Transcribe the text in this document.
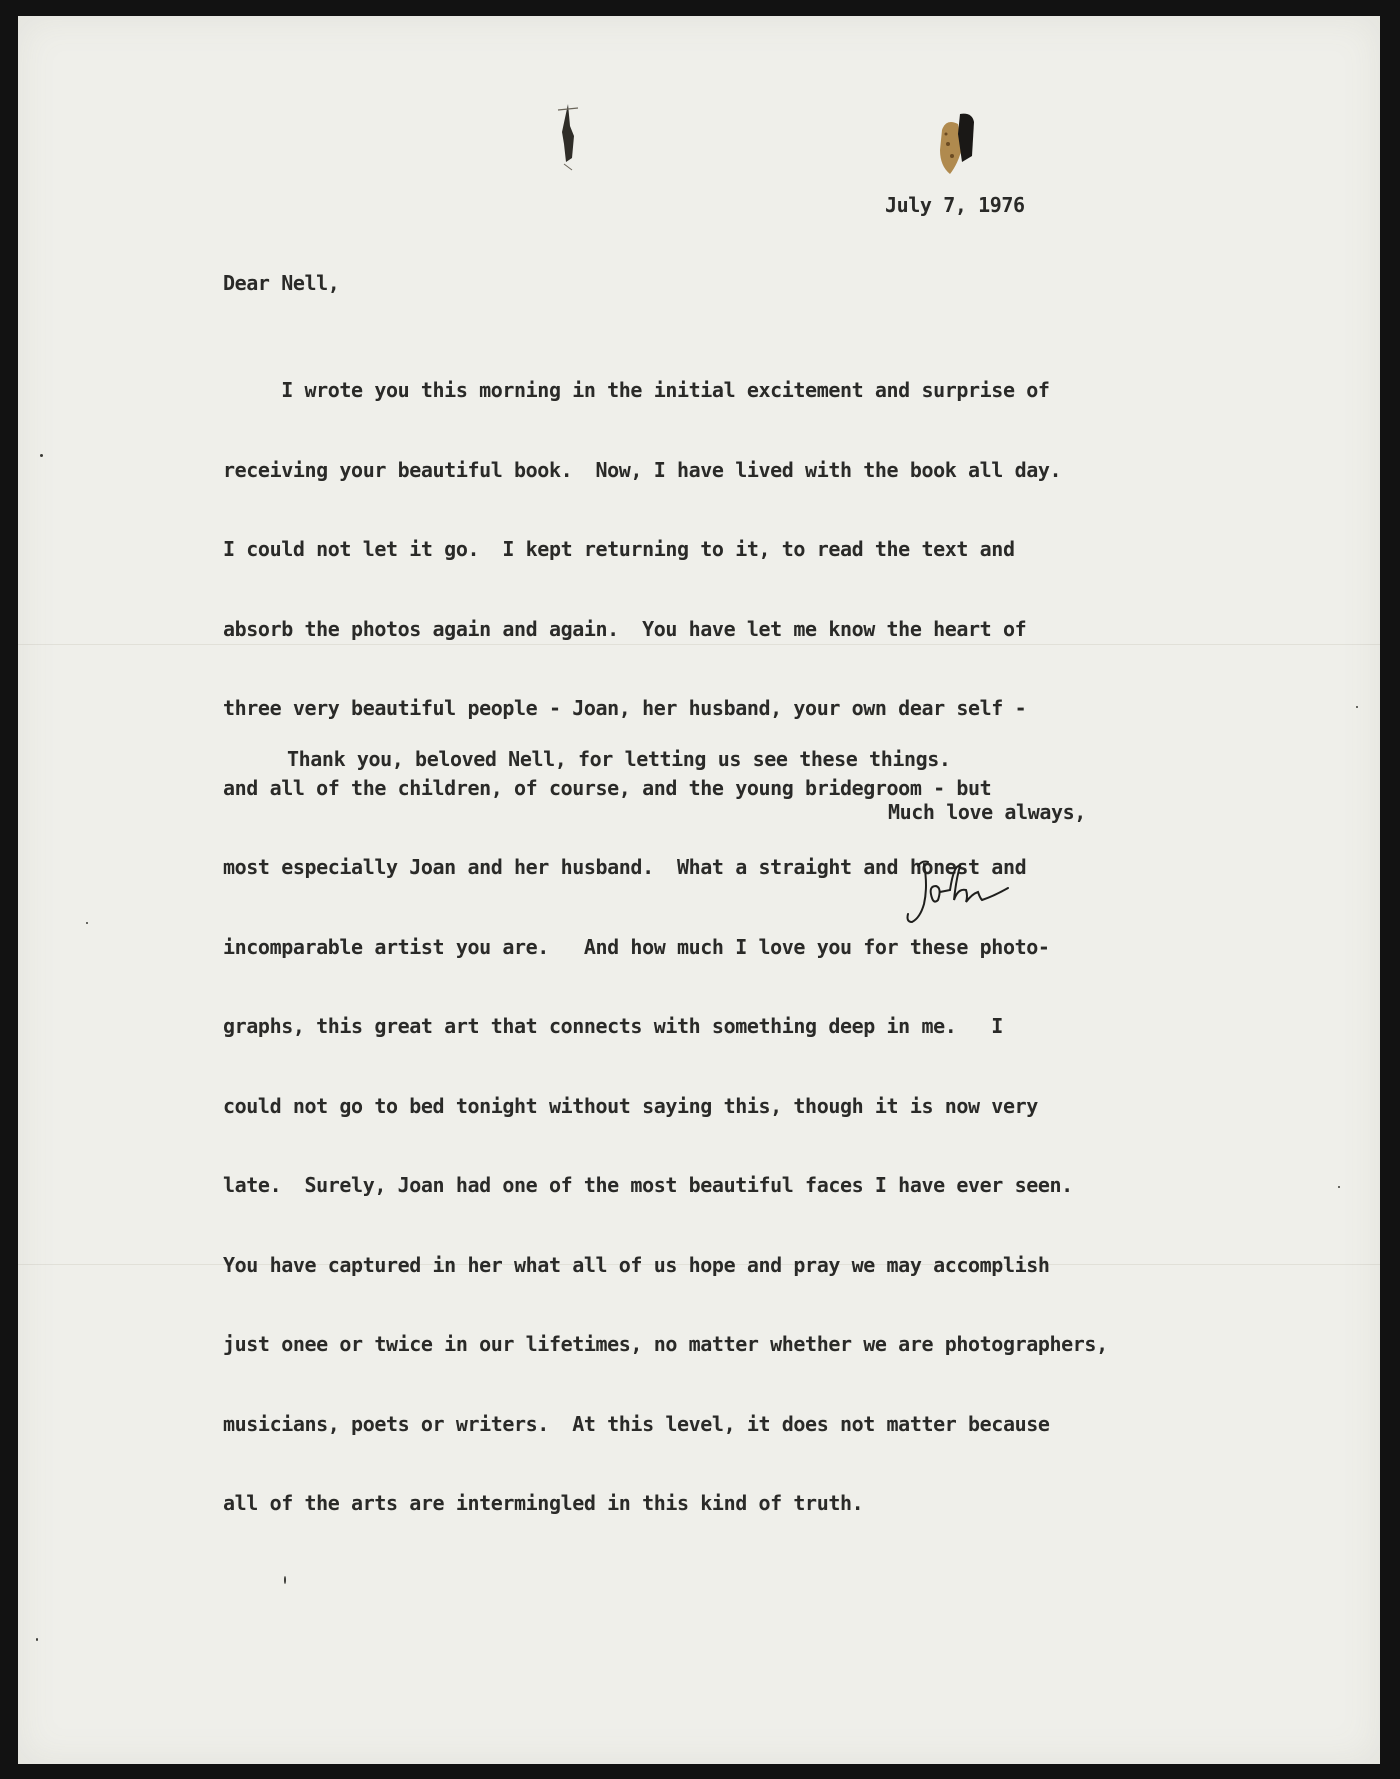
July 7, 1976

Dear Nell,

I wrote you this morning in the initial excitement and surprise of

receiving your beautiful book.  Now, I have lived with the book all day.

I could not let it go.  I kept returning to it, to read the text and

absorb the photos again and again.  You have let me know the heart of

three very beautiful people - Joan, her husband, your own dear self -

and all of the children, of course, and the young bridegroom - but

most especially Joan and her husband.  What a straight and honest and

incomparable artist you are.   And how much I love you for these photo-

graphs, this great art that connects with something deep in me.   I

could not go to bed tonight without saying this, though it is now very

late.  Surely, Joan had one of the most beautiful faces I have ever seen.

You have captured in her what all of us hope and pray we may accomplish

just onee or twice in our lifetimes, no matter whether we are photographers,

musicians, poets or writers.  At this level, it does not matter because

all of the arts are intermingled in this kind of truth.

Thank you, beloved Nell, for letting us see these things.

Much love always,
